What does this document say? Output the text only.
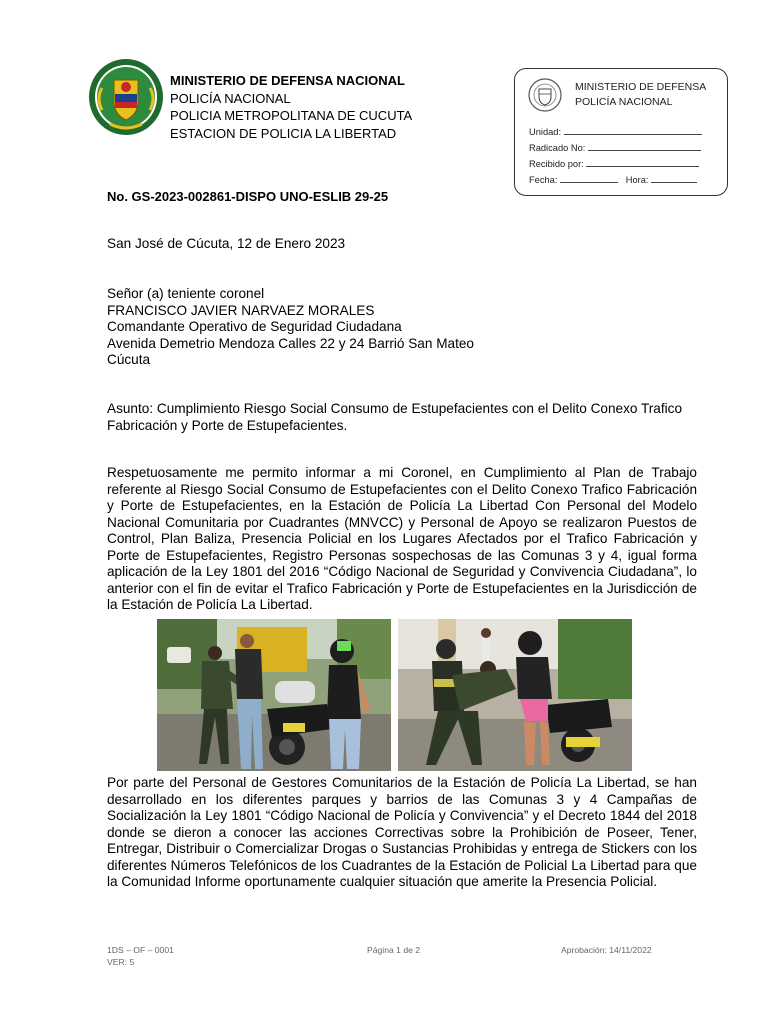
MINISTERIO DE DEFENSA NACIONAL
POLICÍA NACIONAL
POLICIA METROPOLITANA DE CUCUTA
ESTACION DE POLICIA LA LIBERTAD
MINISTERIO DE DEFENSA
POLICÍA NACIONAL
Unidad:
Radicado No:
Recibido por:
Fecha:	Hora:
No. GS-2023-002861-DISPO UNO-ESLIB 29-25
San José de Cúcuta, 12 de Enero 2023
Señor (a) teniente coronel
FRANCISCO JAVIER NARVAEZ MORALES
Comandante Operativo de Seguridad Ciudadana
Avenida Demetrio Mendoza Calles 22 y 24 Barrió San Mateo
Cúcuta
Asunto: Cumplimiento Riesgo Social Consumo de Estupefacientes con el Delito Conexo Trafico Fabricación y Porte de Estupefacientes.
Respetuosamente me permito informar a mi Coronel, en Cumplimiento al Plan de Trabajo referente al Riesgo Social Consumo de Estupefacientes con el Delito Conexo Trafico Fabricación y Porte de Estupefacientes, en la Estación de Policía La Libertad Con Personal del Modelo Nacional Comunitaria por Cuadrantes (MNVCC) y Personal de Apoyo se realizaron Puestos de Control, Plan Baliza, Presencia Policial en los Lugares Afectados por el Trafico Fabricación y Porte de Estupefacientes, Registro Personas sospechosas de las Comunas 3 y 4, igual forma aplicación de la Ley 1801 del 2016 “Código Nacional de Seguridad y Convivencia Ciudadana”, lo anterior con el fin de evitar el Trafico Fabricación y Porte de Estupefacientes en la Jurisdicción de la Estación de Policía La Libertad.
Por parte del Personal de Gestores Comunitarios de la Estación de Policía La Libertad, se han desarrollado en los diferentes parques y barrios de las Comunas 3 y 4 Campañas de Socialización la Ley 1801 “Código Nacional de Policía y Convivencia” y el Decreto 1844 del 2018 donde se dieron a conocer las acciones Correctivas sobre la Prohibición de Poseer, Tener, Entregar, Distribuir o Comercializar Drogas o Sustancias Prohibidas y entrega de Stickers con los diferentes Números Telefónicos de los Cuadrantes de la Estación de Policial La Libertad para que la Comunidad Informe oportunamente cualquier situación que amerite la Presencia Policial.
1DS – OF – 0001
VER: 5
Página 1 de 2	Aprobación: 14/11/2022
